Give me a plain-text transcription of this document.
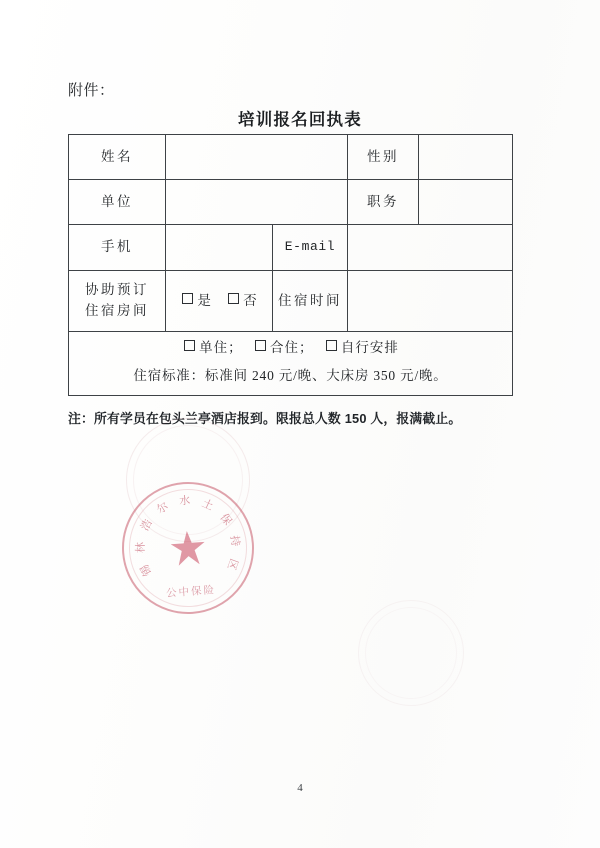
附件：
培训报名回执表
姓名			性别	
单位			职务	
手机		E-mail		

协助预订
住宿房间	是 否	住宿时间		

单住； 合住； 自行安排
住宿标准：标准间 240 元/晚、大床房 350 元/晚。				
注：所有学员在包头兰亭酒店报到。限报总人数 150 人，报满截止。
锡
林
浩
尔 水 土
保
持
区
公中保险
4
